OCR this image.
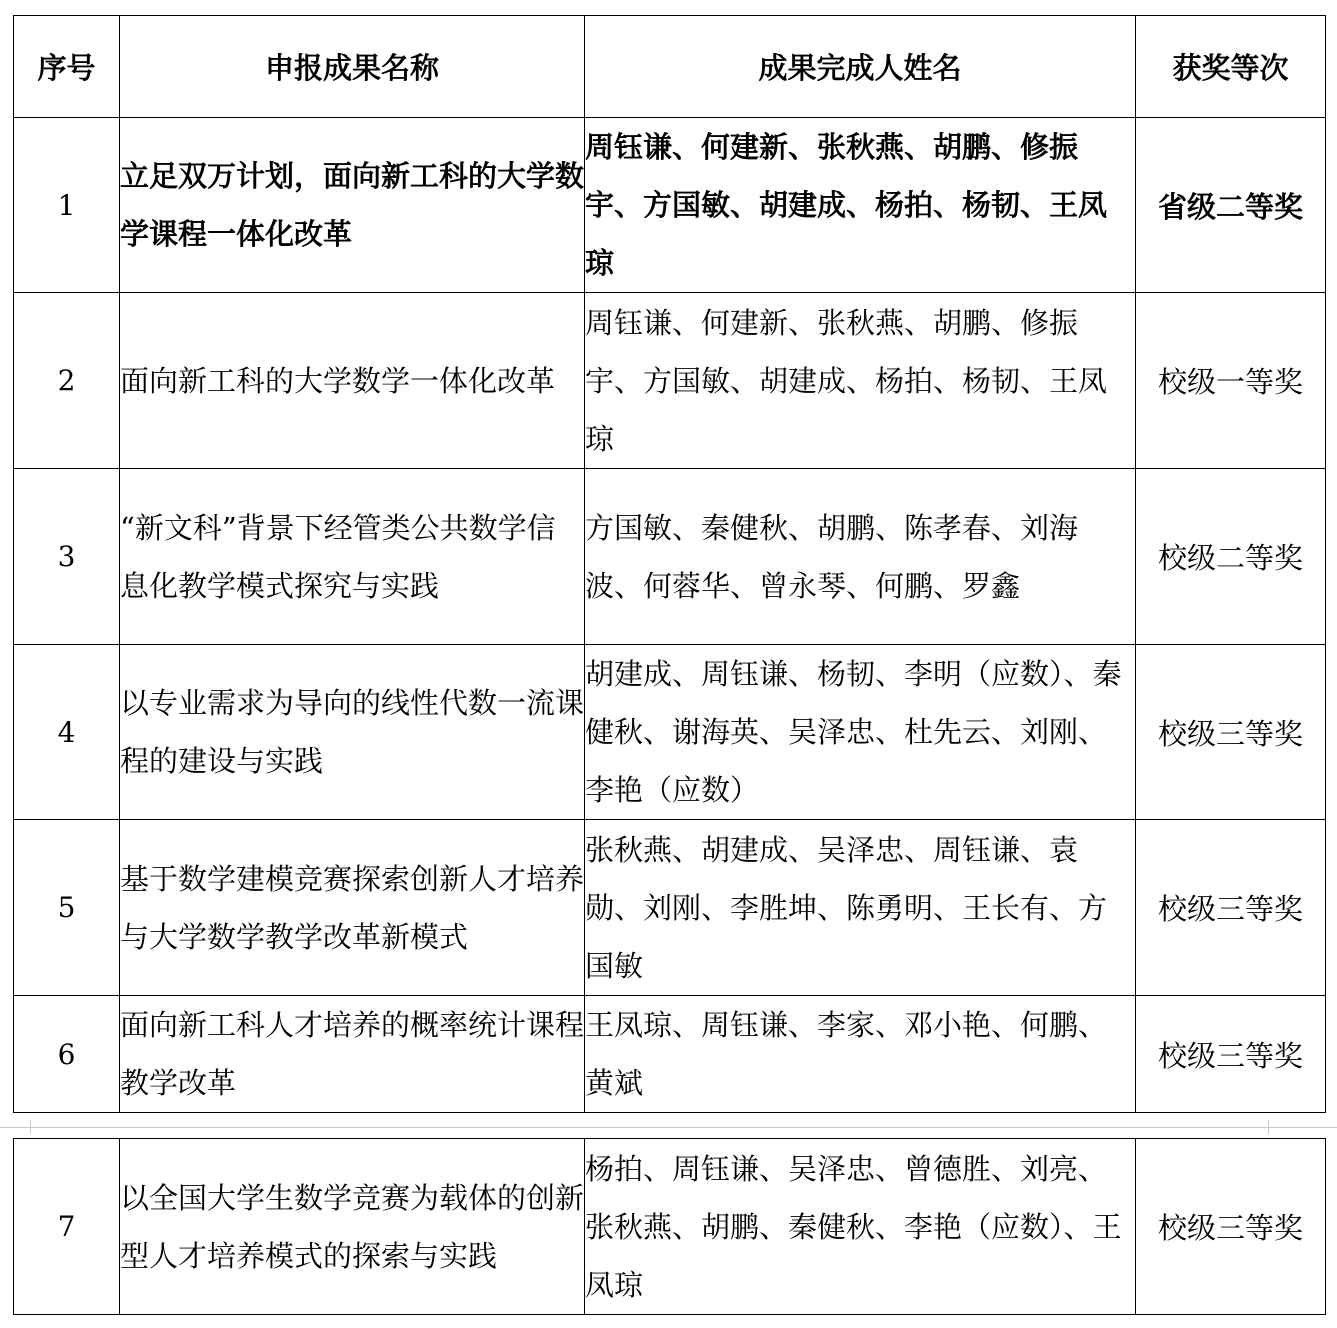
序号	申报成果名称	成果完成人姓名	获奖等次
1	立足双万计划，面向新工科的大学数学课程一体化改革	周钰谦、何建新、张秋燕、胡鹏、修振宇、方国敏、胡建成、杨拍、杨韧、王凤琼	省级二等奖
2	面向新工科的大学数学一体化改革	周钰谦、何建新、张秋燕、胡鹏、修振宇、方国敏、胡建成、杨拍、杨韧、王凤琼	校级一等奖
3	“新文科”背景下经管类公共数学信息化教学模式探究与实践	方国敏、秦健秋、胡鹏、陈孝春、刘海波、何蓉华、曾永琴、何鹏、罗鑫	校级二等奖
4	以专业需求为导向的线性代数一流课程的建设与实践	胡建成、周钰谦、杨韧、李明（应数）、秦健秋、谢海英、吴泽忠、杜先云、刘刚、李艳（应数）	校级三等奖
5	基于数学建模竞赛探索创新人才培养与大学数学教学改革新模式	张秋燕、胡建成、吴泽忠、周钰谦、袁勋、刘刚、李胜坤、陈勇明、王长有、方国敏	校级三等奖
6	面向新工科人才培养的概率统计课程教学改革	王凤琼、周钰谦、李家、邓小艳、何鹏、黄斌	校级三等奖
7	以全国大学生数学竞赛为载体的创新型人才培养模式的探索与实践	杨拍、周钰谦、吴泽忠、曾德胜、刘亮、张秋燕、胡鹏、秦健秋、李艳（应数）、王凤琼	校级三等奖
